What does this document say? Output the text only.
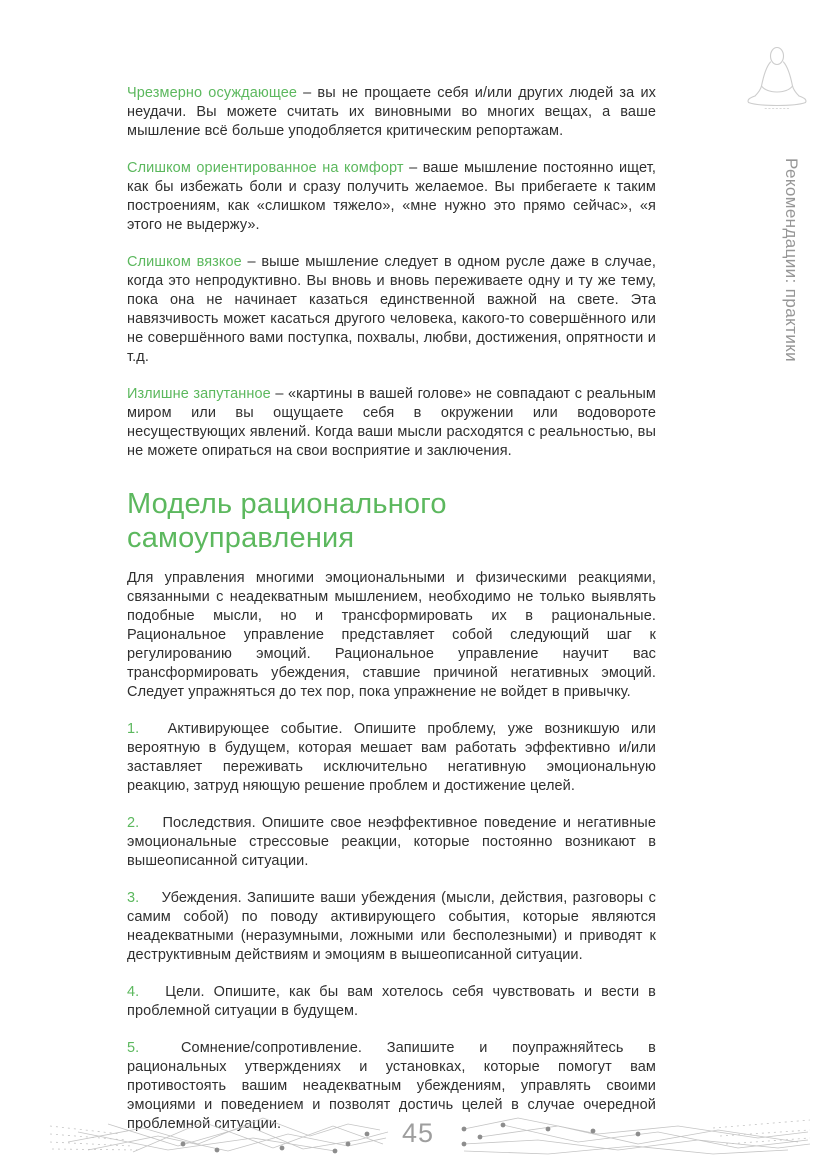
Рекомендации: практики

Чрезмерно осуждающее – вы не прощаете себя и/или других людей за их неудачи. Вы можете считать их виновными во многих вещах, а ваше мышление всё больше уподобляется критическим репортажам.

Слишком ориентированное на комфорт – ваше мышление постоянно ищет, как бы избежать боли и сразу получить желаемое. Вы прибегаете к таким построениям, как «слишком тяжело», «мне нужно это прямо сейчас», «я этого не выдержу».

Слишком вязкое – выше мышление следует в одном русле даже в случае, когда это непродуктивно. Вы вновь и вновь переживаете одну и ту же тему, пока она не начинает казаться единственной важной на свете. Эта навязчивость может касаться другого человека, какого-то совершённого или не совершённого вами поступка, похвалы, любви, достижения, опрятности и т.д.

Излишне запутанное – «картины в вашей голове» не совпадают с реальным миром или вы ощущаете себя в окружении или водовороте несуществующих явлений. Когда ваши мысли расходятся с реальностью, вы не можете опираться на свои восприятие и заключения.

Модель рационального самоуправления

Для управления многими эмоциональными и физическими реакциями, связанными с неадекватным мышлением, необходимо не только выявлять подобные мысли, но и трансформировать их в рациональные. Рациональное управление представляет собой следующий шаг к регулированию эмоций. Рациональное управление научит вас трансформировать убеждения, ставшие причиной негативных эмоций. Следует упражняться до тех пор, пока упражнение не войдет в привычку.

1. Активирующее событие. Опишите проблему, уже возникшую или вероятную в будущем, которая мешает вам работать эффективно и/или заставляет переживать исключительно негативную эмоциональную реакцию, затруд няющую решение проблем и достижение целей.

2. Последствия. Опишите свое неэффективное поведение и негативные эмоциональные стрессовые реакции, которые постоянно возникают в вышеописанной ситуации.

3. Убеждения. Запишите ваши убеждения (мысли, действия, разговоры с самим собой) по поводу активирующего события, которые являются неадекватными (неразумными, ложными или бесполезными) и приводят к деструктивным действиям и эмоциям в вышеописанной ситуации.

4. Цели. Опишите, как бы вам хотелось себя чувствовать и вести в проблемной ситуации в будущем.

5.	Сомнение/сопротивление. Запишите и поупражняйтесь в рациональных утверждениях и установках, которые помогут вам противостоять вашим неадекватным убеждениям, управлять своими эмоциями и поведением и позволят достичь целей в случае очередной проблемной ситуации.	45
